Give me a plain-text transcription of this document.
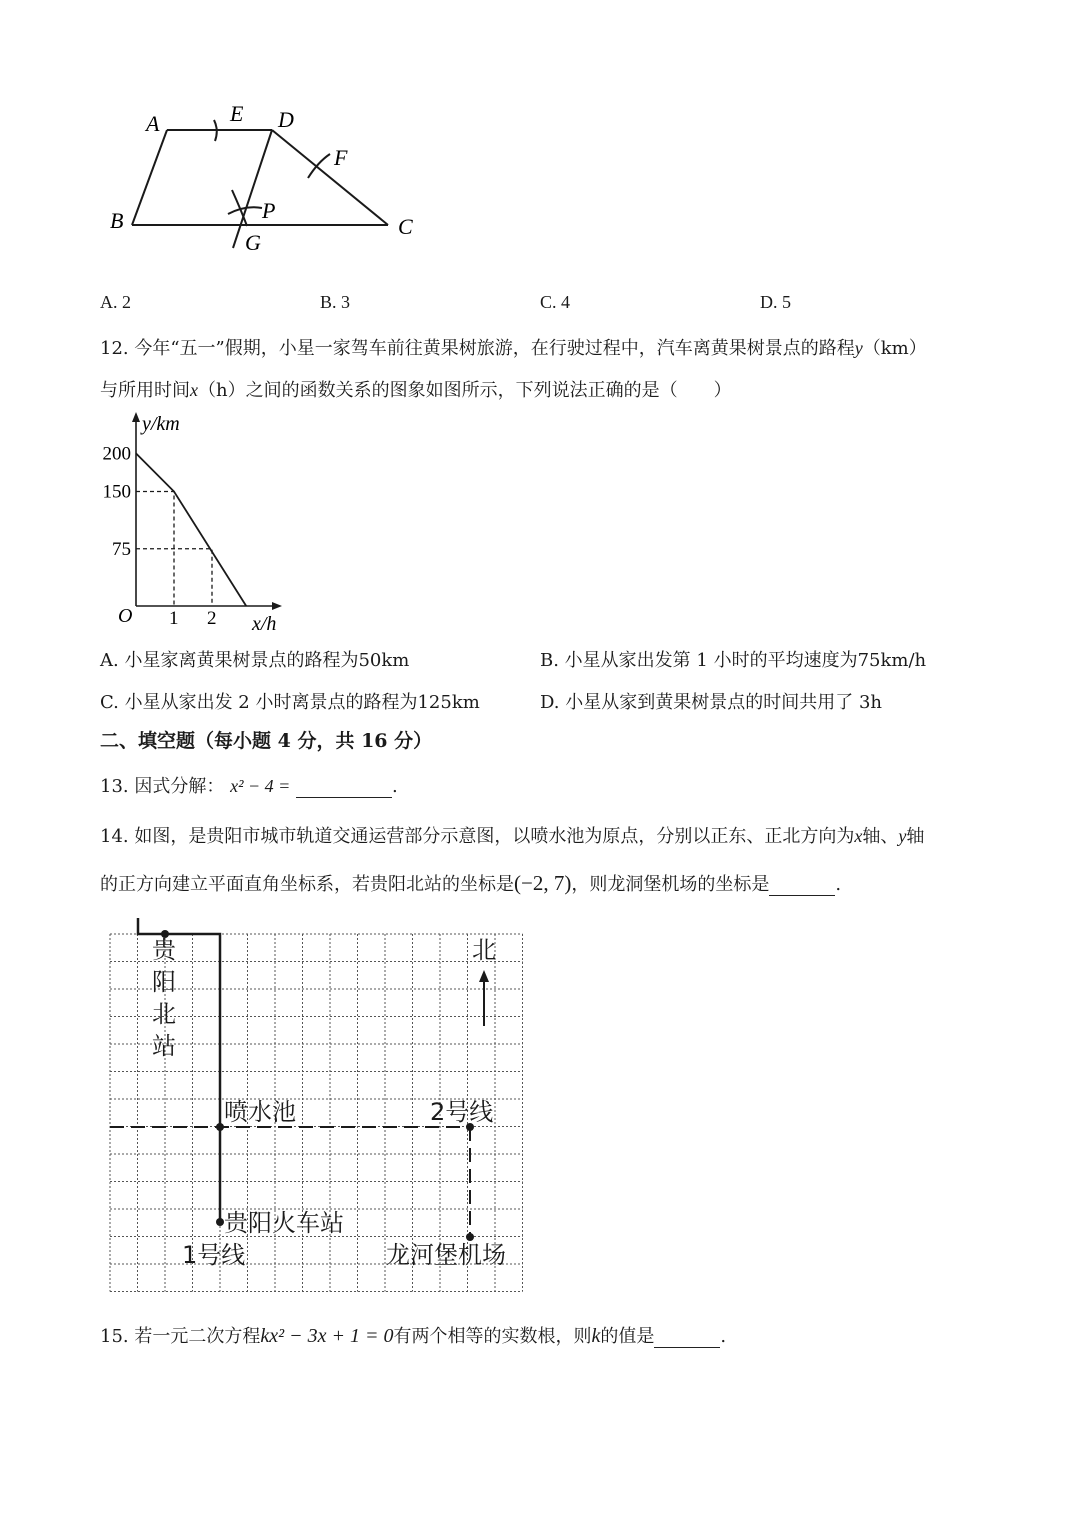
A	E D
F
B	P
G
C
A. 2	B. 3	C. 4	D. 5
12. 今年“五一”假期，小星一家驾车前往黄果树旅游，在行驶过程中，汽车离黄果树景点的路程y（km）
与所用时间x（h）之间的函数关系的图象如图所示，下列说法正确的是（　　）
1 2
200
150
75
y/km
x/h
O
A. 小星家离黄果树景点的路程为50km	B. 小星从家出发第 1 小时的平均速度为75km/h
C. 小星从家出发 2 小时离景点的路程为125km	D. 小星从家到黄果树景点的时间共用了 3h
二、填空题（每小题 4 分，共 16 分）
13. 因式分解： x² − 4 =	.
14. 如图，是贵阳市城市轨道交通运营部分示意图，以喷水池为原点，分别以正东、正北方向为x轴、y轴
的正方向建立平面直角坐标系，若贵阳北站的坐标是(−2, 7)，则龙洞堡机场的坐标是	.
贵
阳
北
站
北
喷水池	2号线
贵阳火车站
1号线	龙河堡机场
15. 若一元二次方程kx² − 3x + 1 = 0有两个相等的实数根，则k的值是	.
